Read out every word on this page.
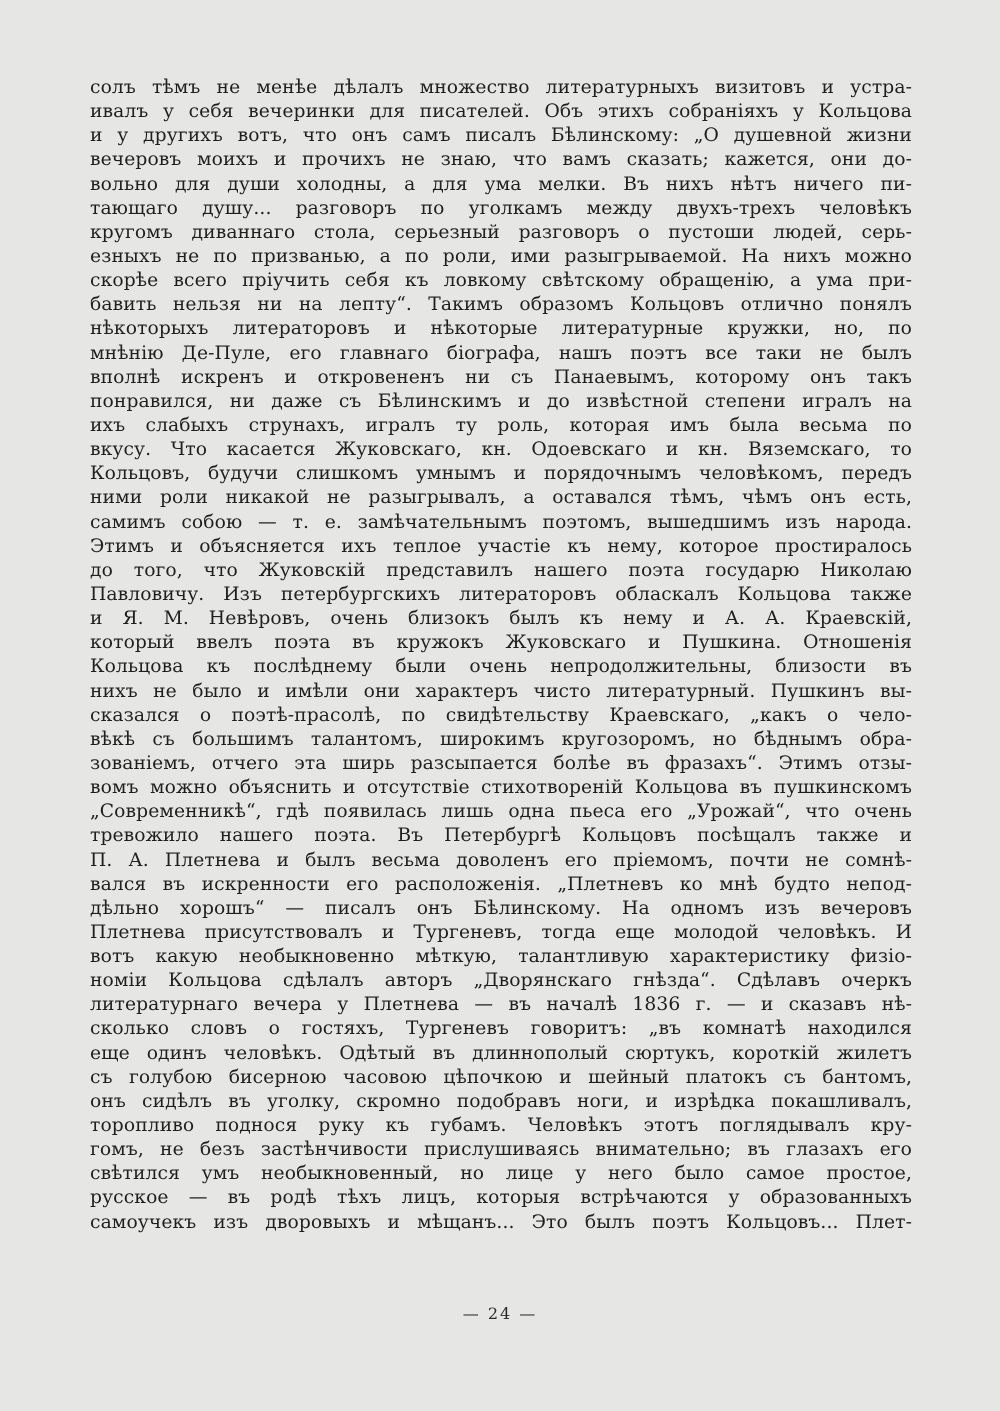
солъ тѣмъ не менѣе дѣлалъ множество литературныхъ визитовъ и устра-
ивалъ у себя вечеринки для писателей. Объ этихъ собраніяхъ у Кольцова
и у другихъ вотъ, что онъ самъ писалъ Бѣлинскому: „О душевной жизни
вечеровъ моихъ и прочихъ не знаю, что вамъ сказать; кажется, они до-
вольно для души холодны, а для ума мелки. Въ нихъ нѣтъ ничего пи-
тающаго душу... разговоръ по уголкамъ между двухъ-трехъ человѣкъ
кругомъ диваннаго стола, серьезный разговоръ о пустоши людей, серь-
езныхъ не по призванью, а по роли, ими разыгрываемой. На нихъ можно
скорѣе всего пріучить себя къ ловкому свѣтскому обращенію, а ума при-
бавить нельзя ни на лепту“. Такимъ образомъ Кольцовъ отлично понялъ
нѣкоторыхъ литераторовъ и нѣкоторые литературные кружки, но, по
мнѣнію Де-Пуле, его главнаго біографа, нашъ поэтъ все таки не былъ
вполнѣ искренъ и откровененъ ни съ Панаевымъ, которому онъ такъ
понравился, ни даже съ Бѣлинскимъ и до извѣстной степени игралъ на
ихъ слабыхъ струнахъ, игралъ ту роль, которая имъ была весьма по
вкусу. Что касается Жуковскаго, кн. Одоевскаго и кн. Вяземскаго, то
Кольцовъ, будучи слишкомъ умнымъ и порядочнымъ человѣкомъ, передъ
ними роли никакой не разыгрывалъ, а оставался тѣмъ, чѣмъ онъ есть,
самимъ собою — т. е. замѣчательнымъ поэтомъ, вышедшимъ изъ народа.
Этимъ и объясняется ихъ теплое участіе къ нему, которое простиралось
до того, что Жуковскій представилъ нашего поэта государю Николаю
Павловичу. Изъ петербургскихъ литераторовъ обласкалъ Кольцова также
и Я. М. Невѣровъ, очень близокъ былъ къ нему и А. А. Краевскій,
который ввелъ поэта въ кружокъ Жуковскаго и Пушкина. Отношенія
Кольцова къ послѣднему были очень непродолжительны, близости въ
нихъ не было и имѣли они характеръ чисто литературный. Пушкинъ вы-
сказался о поэтѣ-прасолѣ, по свидѣтельству Краевскаго, „какъ о чело-
вѣкѣ съ большимъ талантомъ, широкимъ кругозоромъ, но бѣднымъ обра-
зованіемъ, отчего эта ширь разсыпается болѣе въ фразахъ“. Этимъ отзы-
вомъ можно объяснить и отсутствіе стихотвореній Кольцова въ пушкинскомъ
„Современникѣ“, гдѣ появилась лишь одна пьеса его „Урожай“, что очень
тревожило нашего поэта. Въ Петербургѣ Кольцовъ посѣщалъ также и
П. А. Плетнева и былъ весьма доволенъ его пріемомъ, почти не сомнѣ-
вался въ искренности его расположенія. „Плетневъ ко мнѣ будто непод-
дѣльно хорошъ“ — писалъ онъ Бѣлинскому. На одномъ изъ вечеровъ
Плетнева присутствовалъ и Тургеневъ, тогда еще молодой человѣкъ. И
вотъ какую необыкновенно мѣткую, талантливую характеристику физіо-
номіи Кольцова сдѣлалъ авторъ „Дворянскаго гнѣзда“. Сдѣлавъ очеркъ
литературнаго вечера у Плетнева — въ началѣ 1836 г. — и сказавъ нѣ-
сколько словъ о гостяхъ, Тургеневъ говоритъ: „въ комнатѣ находился
еще одинъ человѣкъ. Одѣтый въ длиннополый сюртукъ, короткій жилетъ
съ голубою бисерною часовою цѣпочкою и шейный платокъ съ бантомъ,
онъ сидѣлъ въ уголку, скромно подобравъ ноги, и изрѣдка покашливалъ,
торопливо поднося руку къ губамъ. Человѣкъ этотъ поглядывалъ кру-
гомъ, не безъ застѣнчивости прислушиваясь внимательно; въ глазахъ его
свѣтился умъ необыкновенный, но лице у него было самое простое,
русское — въ родѣ тѣхъ лицъ, которыя встрѣчаются у образованныхъ
самоучекъ изъ дворовыхъ и мѣщанъ... Это былъ поэтъ Кольцовъ... Плет-
— 24 —
